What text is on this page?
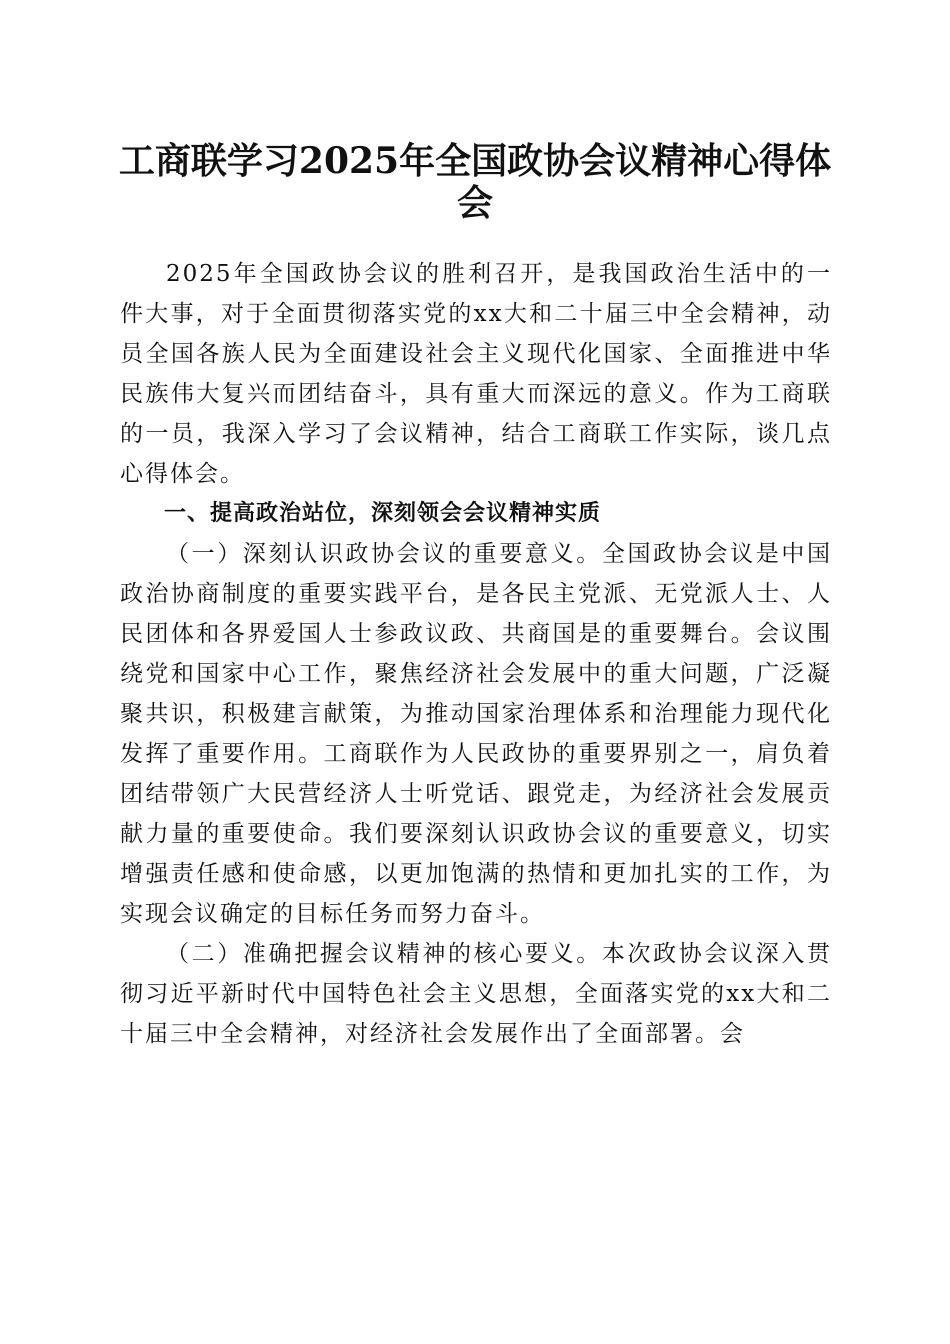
工商联学习2025年全国政协会议精神心得体会

2025年全国政协会议的胜利召开，是我国政治生活中的一件大事，对于全面贯彻落实党的xx大和二十届三中全会精神，动员全国各族人民为全面建设社会主义现代化国家、全面推进中华民族伟大复兴而团结奋斗，具有重大而深远的意义。作为工商联的一员，我深入学习了会议精神，结合工商联工作实际，谈几点心得体会。

一、提高政治站位，深刻领会会议精神实质

（一）深刻认识政协会议的重要意义。全国政协会议是中国政治协商制度的重要实践平台，是各民主党派、无党派人士、人民团体和各界爱国人士参政议政、共商国是的重要舞台。会议围绕党和国家中心工作，聚焦经济社会发展中的重大问题，广泛凝聚共识，积极建言献策，为推动国家治理体系和治理能力现代化发挥了重要作用。工商联作为人民政协的重要界别之一，肩负着团结带领广大民营经济人士听党话、跟党走，为经济社会发展贡献力量的重要使命。我们要深刻认识政协会议的重要意义，切实增强责任感和使命感，以更加饱满的热情和更加扎实的工作，为实现会议确定的目标任务而努力奋斗。

（二）准确把握会议精神的核心要义。本次政协会议深入贯彻习近平新时代中国特色社会主义思想，全面落实党的xx大和二十届三中全会精神，对经济社会发展作出了全面部署。会
